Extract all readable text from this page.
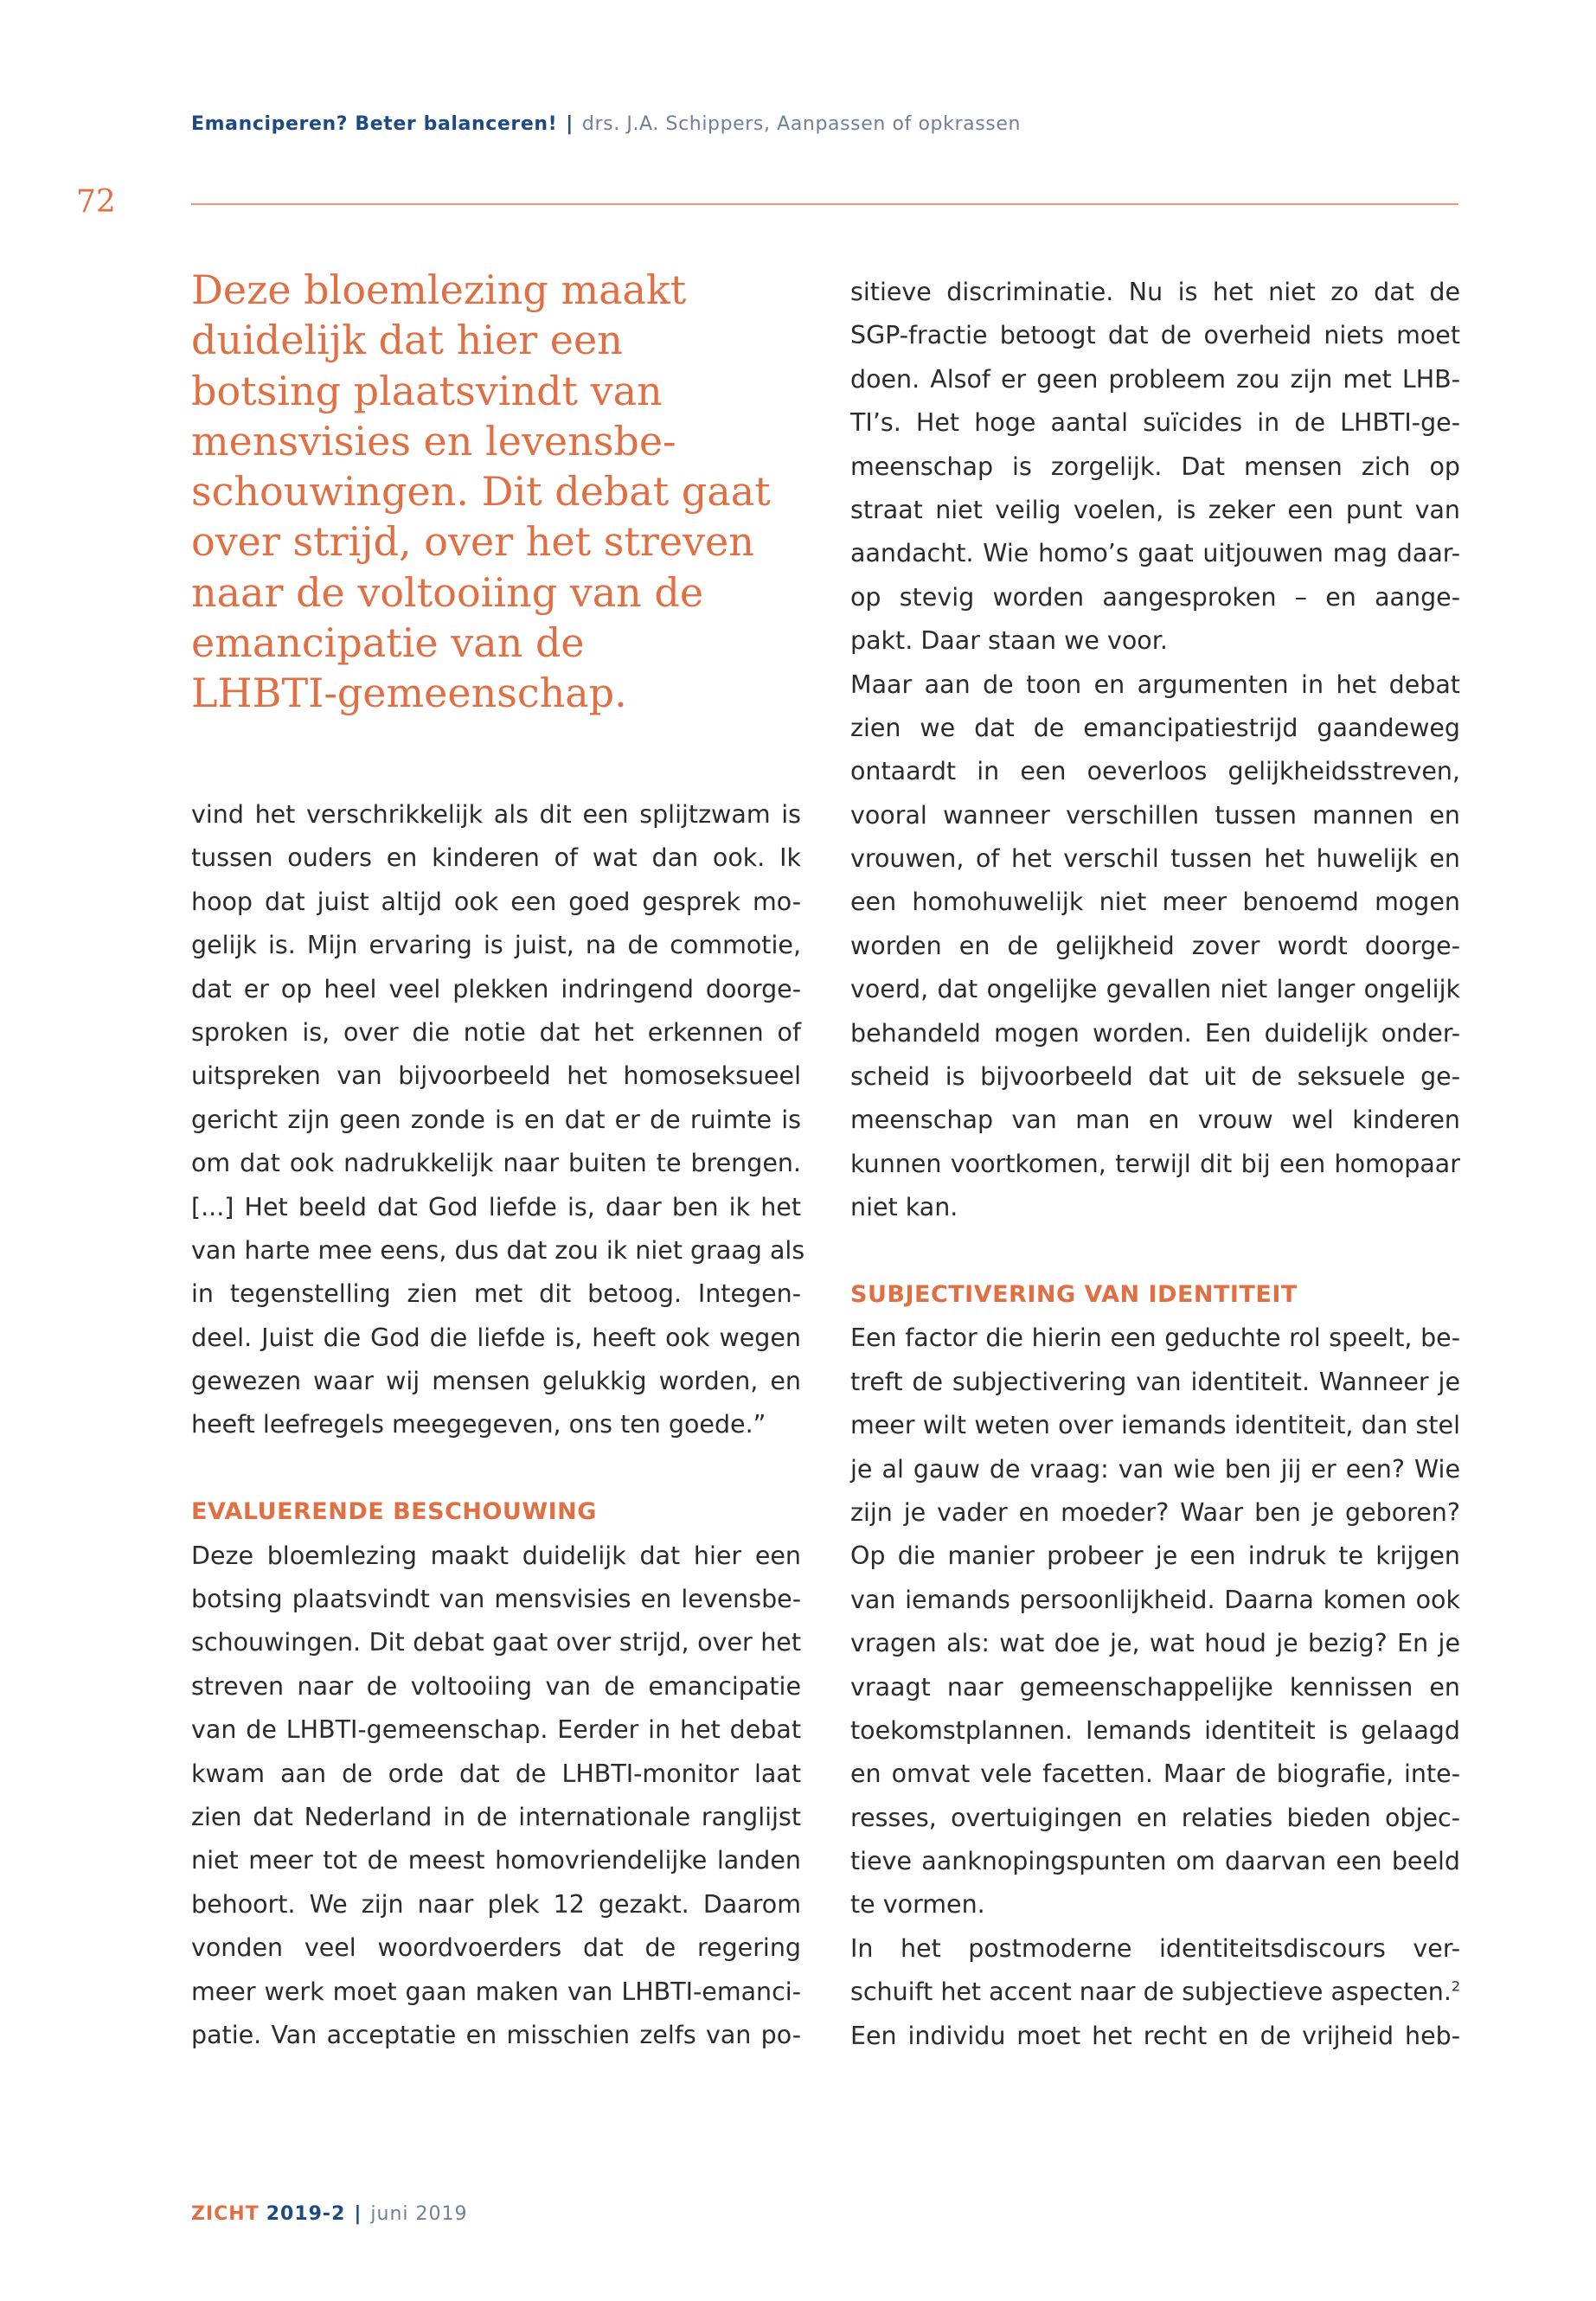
Emanciperen? Beter balanceren! | drs. J.A. Schippers, Aanpassen of opkrassen
72
Deze bloemlezing maakt
duidelijk dat hier een
botsing plaatsvindt van
mensvisies en levensbe-
schouwingen. Dit debat gaat
over strijd, over het streven
naar de voltooiing van de
emancipatie van de
LHBTI-gemeenschap.
vind het verschrikkelijk als dit een splijtzwam is
tussen ouders en kinderen of wat dan ook. Ik
hoop dat juist altijd ook een goed gesprek mo-
gelijk is. Mijn ervaring is juist, na de commotie,
dat er op heel veel plekken indringend doorge-
sproken is, over die notie dat het erkennen of
uitspreken van bijvoorbeeld het homoseksueel
gericht zijn geen zonde is en dat er de ruimte is
om dat ook nadrukkelijk naar buiten te brengen.
[...] Het beeld dat God liefde is, daar ben ik het
van harte mee eens, dus dat zou ik niet graag als
in tegenstelling zien met dit betoog. Integen-
deel. Juist die God die liefde is, heeft ook wegen
gewezen waar wij mensen gelukkig worden, en
heeft leefregels meegegeven, ons ten goede.”
EVALUERENDE BESCHOUWING
Deze bloemlezing maakt duidelijk dat hier een
botsing plaatsvindt van mensvisies en levensbe-
schouwingen. Dit debat gaat over strijd, over het
streven naar de voltooiing van de emancipatie
van de LHBTI-gemeenschap. Eerder in het debat
kwam aan de orde dat de LHBTI-monitor laat
zien dat Nederland in de internationale ranglijst
niet meer tot de meest homovriendelijke landen
behoort. We zijn naar plek 12 gezakt. Daarom
vonden veel woordvoerders dat de regering
meer werk moet gaan maken van LHBTI-emanci-
patie. Van acceptatie en misschien zelfs van po-
sitieve discriminatie. Nu is het niet zo dat de
SGP-fractie betoogt dat de overheid niets moet
doen. Alsof er geen probleem zou zijn met LHB-
TI’s. Het hoge aantal suïcides in de LHBTI-ge-
meenschap is zorgelijk. Dat mensen zich op
straat niet veilig voelen, is zeker een punt van
aandacht. Wie homo’s gaat uitjouwen mag daar-
op stevig worden aangesproken – en aange-
pakt. Daar staan we voor.
Maar aan de toon en argumenten in het debat
zien we dat de emancipatiestrijd gaandeweg
ontaardt in een oeverloos gelijkheidsstreven,
vooral wanneer verschillen tussen mannen en
vrouwen, of het verschil tussen het huwelijk en
een homohuwelijk niet meer benoemd mogen
worden en de gelijkheid zover wordt doorge-
voerd, dat ongelijke gevallen niet langer ongelijk
behandeld mogen worden. Een duidelijk onder-
scheid is bijvoorbeeld dat uit de seksuele ge-
meenschap van man en vrouw wel kinderen
kunnen voortkomen, terwijl dit bij een homopaar
niet kan.
SUBJECTIVERING VAN IDENTITEIT
Een factor die hierin een geduchte rol speelt, be-
treft de subjectivering van identiteit. Wanneer je
meer wilt weten over iemands identiteit, dan stel
je al gauw de vraag: van wie ben jij er een? Wie
zijn je vader en moeder? Waar ben je geboren?
Op die manier probeer je een indruk te krijgen
van iemands persoonlijkheid. Daarna komen ook
vragen als: wat doe je, wat houd je bezig? En je
vraagt naar gemeenschappelijke kennissen en
toekomstplannen. Iemands identiteit is gelaagd
en omvat vele facetten. Maar de biografie, inte-
resses, overtuigingen en relaties bieden objec-
tieve aanknopingspunten om daarvan een beeld
te vormen.
In het postmoderne identiteitsdiscours ver-
schuift het accent naar de subjectieve aspecten.$^2$
Een individu moet het recht en de vrijheid heb-
ZICHT 2019-2 | juni 2019
